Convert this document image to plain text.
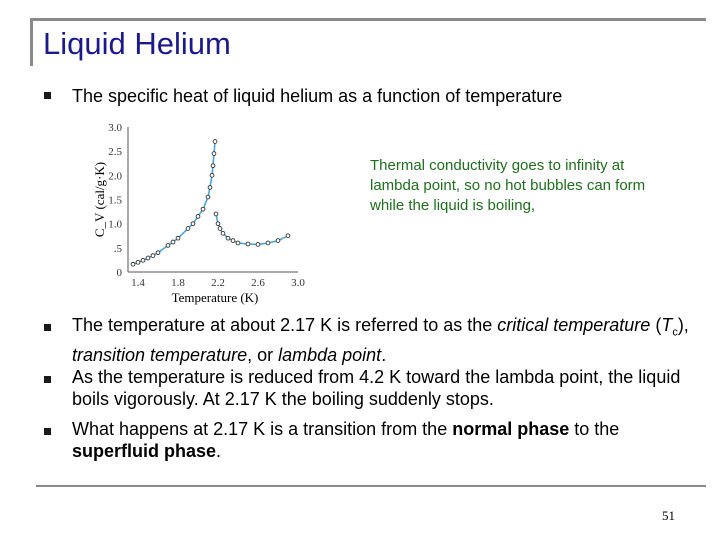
Liquid Helium
The specific heat of liquid helium as a function of temperature
1.4 1.8 2.2 2.6 3.0
3.0
2.5
2.0
1.5
1.0
.5
0
Temperature (K)
C_V (cal/g·K)	Thermal conductivity goes to infinity at lambda point, so no hot bubbles can form while the liquid is boiling,
The temperature at about 2.17 K is referred to as the critical temperature $(T_c)$, transition temperature, or lambda point.
As the temperature is reduced from 4.2 K toward the lambda point, the liquid boils vigorously. At 2.17 K the boiling suddenly stops.
What happens at 2.17 K is a transition from the normal phase to the superfluid phase.
51
